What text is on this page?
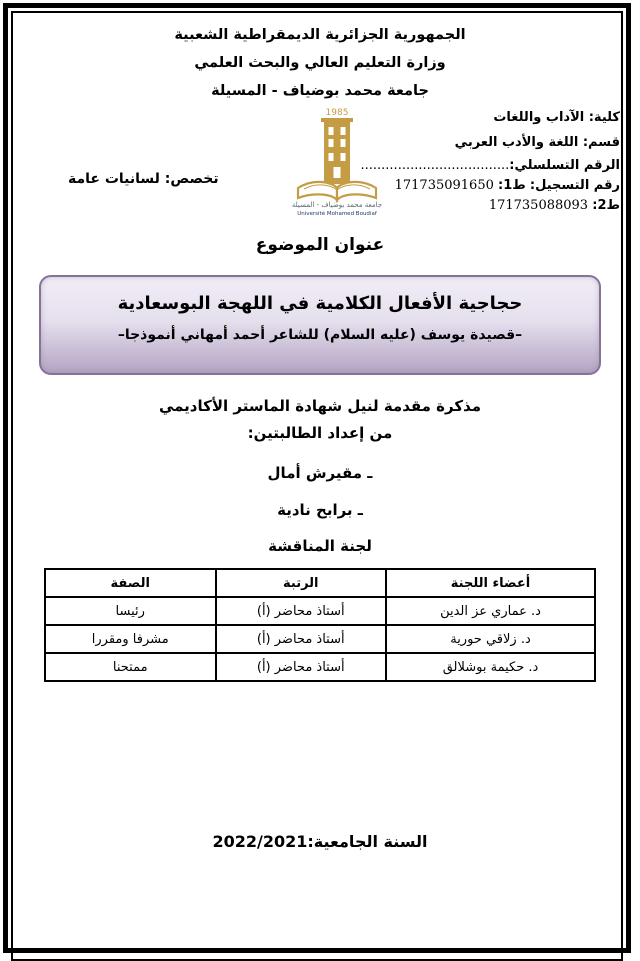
الجمهورية الجزائرية الديمقراطية الشعبية
وزارة التعليم العالي والبحث العلمي
جامعة محمد بوضياف - المسيلة
1985
جامعة محمد بوضياف - المسيلة
Université Mohamed Boudiaf
كلية: الآداب واللغات
قسم: اللغة والأدب العربي
الرقم التسلسلي:....................................
رقم التسجيل: ط1: 171735091650
ط2: 171735088093
تخصص: لسانيات عامة
عنوان الموضوع
حجاجية الأفعال الكلامية في اللهجة البوسعادية
–قصيدة يوسف (عليه السلام) للشاعر أحمد أمهاني أنموذجا–
مذكرة مقدمة لنيل شهادة الماستر الأكاديمي
من إعداد الطالبتين:
ـ مقيرش أمال
ـ برابح نادية
لجنة المناقشة
أعضاء اللجنة	الرتبة	الصفة
د. عماري عز الدين	أستاذ محاضر (أ)	رئيسا
د. زلاقي حورية	أستاذ محاضر (أ)	مشرفا ومقررا
د. حكيمة بوشلالق	أستاذ محاضر (أ)	ممتحنا
السنة الجامعية:2022/2021
